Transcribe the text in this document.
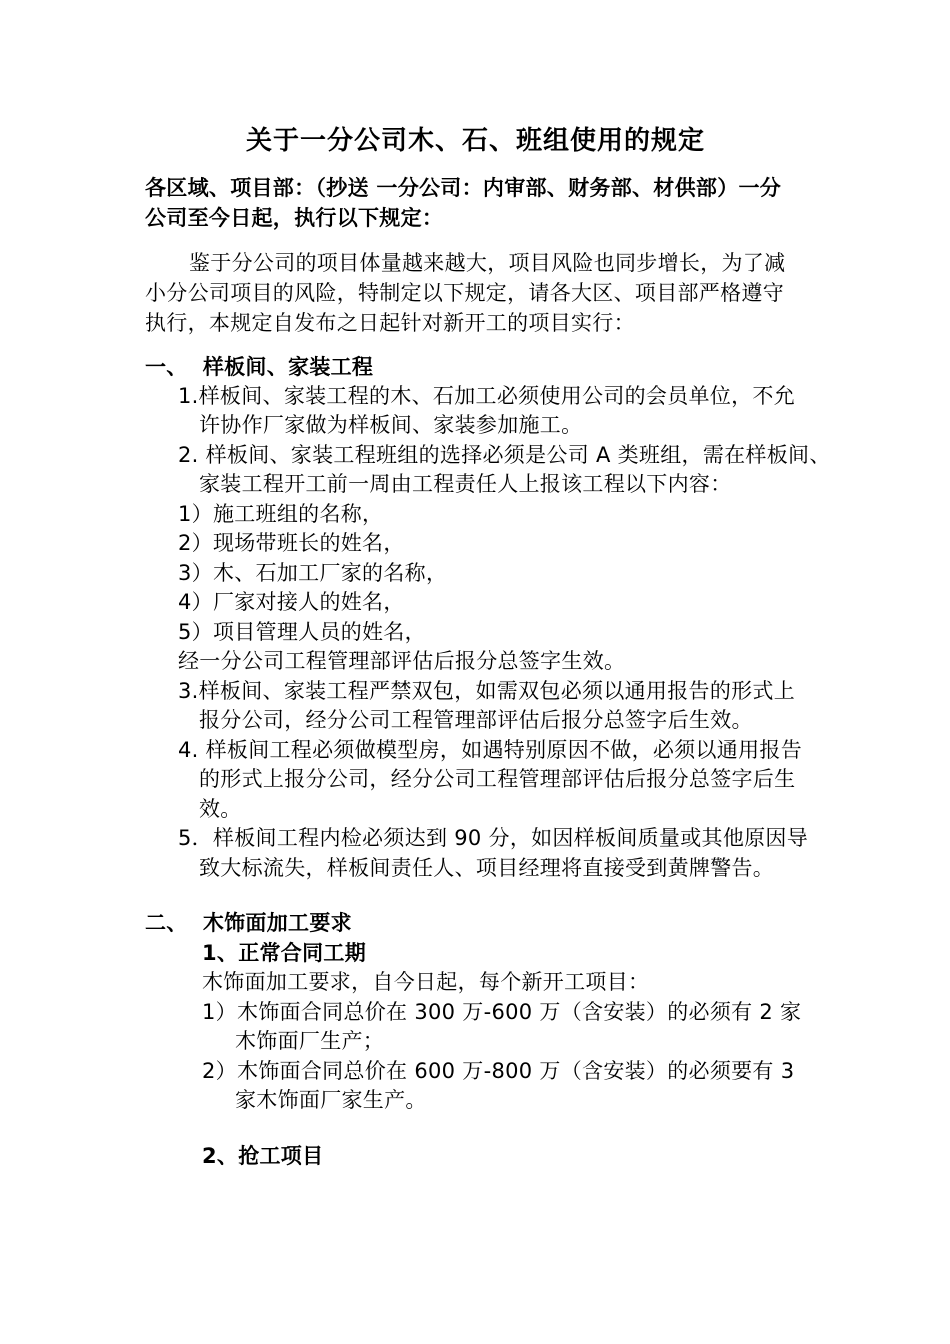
关于一分公司木、石、班组使用的规定
各区域、项目部：（抄送 一分公司：内审部、财务部、材供部）一分
公司至今日起，执行以下规定：
鉴于分公司的项目体量越来越大，项目风险也同步增长，为了减
小分公司项目的风险，特制定以下规定，请各大区、项目部严格遵守
执行，本规定自发布之日起针对新开工的项目实行：
一、  样板间、家装工程
1.样板间、家装工程的木、石加工必须使用公司的会员单位，不允
许协作厂家做为样板间、家装参加施工。
2. 样板间、家装工程班组的选择必须是公司 A 类班组，需在样板间、
家装工程开工前一周由工程责任人上报该工程以下内容：
1）施工班组的名称，
2）现场带班长的姓名，
3）木、石加工厂家的名称，
4）厂家对接人的姓名，
5）项目管理人员的姓名，
经一分公司工程管理部评估后报分总签字生效。
3.样板间、家装工程严禁双包，如需双包必须以通用报告的形式上
报分公司，经分公司工程管理部评估后报分总签字后生效。
4. 样板间工程必须做模型房，如遇特别原因不做，必须以通用报告
的形式上报分公司，经分公司工程管理部评估后报分总签字后生
效。
5．样板间工程内检必须达到 90 分，如因样板间质量或其他原因导
致大标流失，样板间责任人、项目经理将直接受到黄牌警告。
二、  木饰面加工要求
1、正常合同工期
木饰面加工要求，自今日起，每个新开工项目：
1）木饰面合同总价在 300 万-600 万（含安装）的必须有 2 家
木饰面厂生产；
2）木饰面合同总价在 600 万-800 万（含安装）的必须要有 3
家木饰面厂家生产。
2、抢工项目
